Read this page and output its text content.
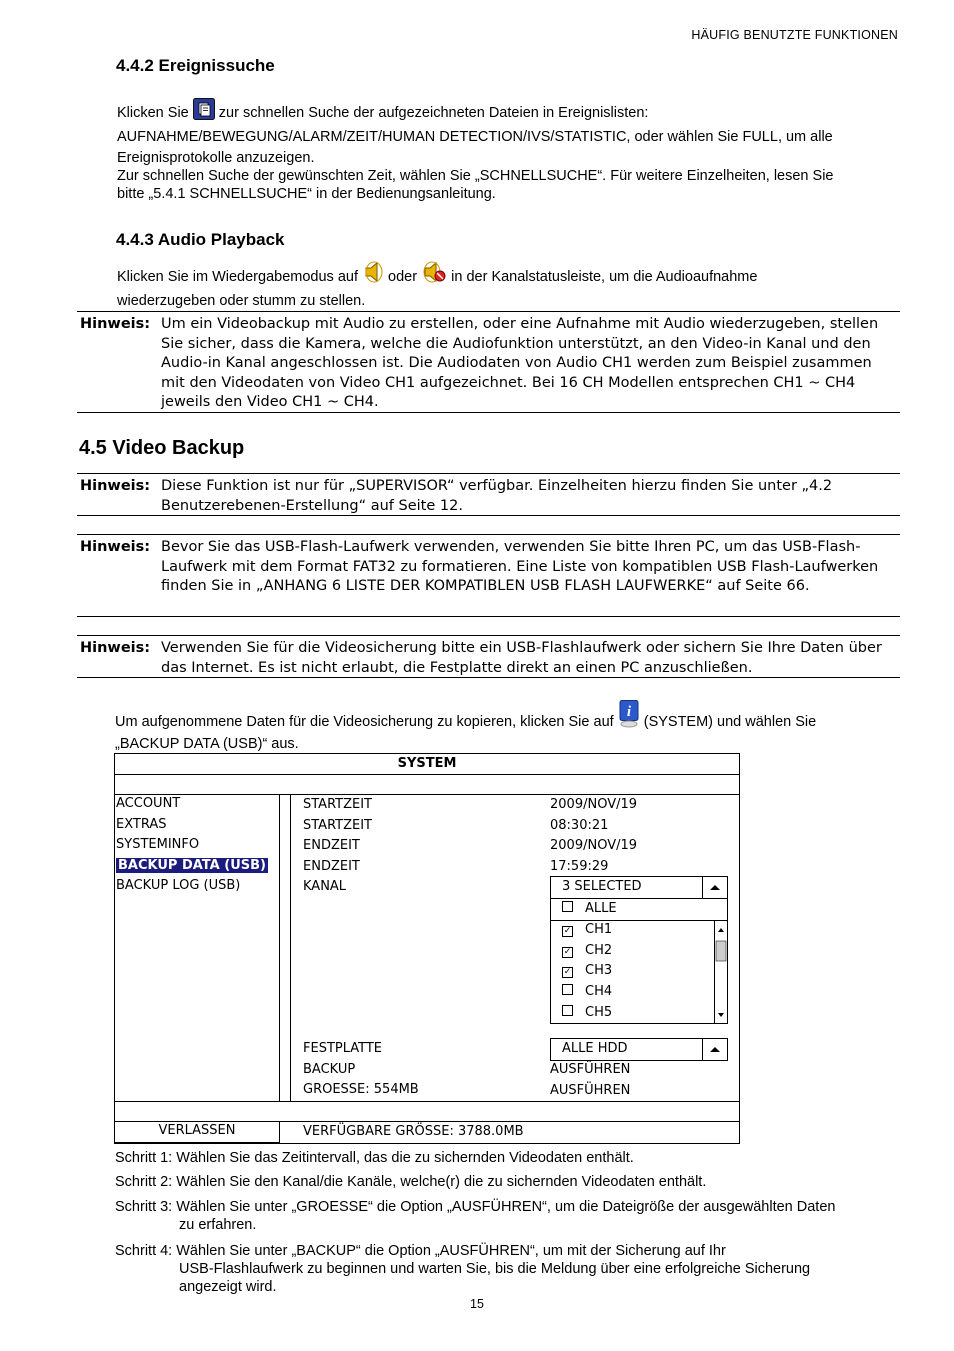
HÄUFIG BENUTZTE FUNKTIONEN
4.4.2 Ereignissuche
Klicken Sie zur schnellen Suche der aufgezeichneten Dateien in Ereignislisten:
AUFNAHME/BEWEGUNG/ALARM/ZEIT/HUMAN DETECTION/IVS/STATISTIC, oder wählen Sie FULL, um alle
Ereignisprotokolle anzuzeigen.
Zur schnellen Suche der gewünschten Zeit, wählen Sie „SCHNELLSUCHE“. Für weitere Einzelheiten, lesen Sie
bitte „5.4.1 SCHNELLSUCHE“ in der Bedienungsanleitung.
4.4.3 Audio Playback
Klicken Sie im Wiedergabemodus auf oder in der Kanalstatusleiste, um die Audioaufnahme
wiederzugeben oder stumm zu stellen.
Hinweis: Um ein Videobackup mit Audio zu erstellen, oder eine Aufnahme mit Audio wiederzugeben, stellen Sie sicher, dass die Kamera, welche die Audiofunktion unterstützt, an den Video-in Kanal und den Audio-in Kanal angeschlossen ist. Die Audiodaten von Audio CH1 werden zum Beispiel zusammen mit den Videodaten von Video CH1 aufgezeichnet. Bei 16 CH Modellen entsprechen CH1 ~ CH4 jeweils den Video CH1 ~ CH4.
4.5 Video Backup
Hinweis: Diese Funktion ist nur für „SUPERVISOR“ verfügbar. Einzelheiten hierzu finden Sie unter „4.2 Benutzerebenen-Erstellung“ auf Seite 12.
Hinweis: Bevor Sie das USB-Flash-Laufwerk verwenden, verwenden Sie bitte Ihren PC, um das USB-Flash-Laufwerk mit dem Format FAT32 zu formatieren. Eine Liste von kompatiblen USB Flash-Laufwerken finden Sie in „ANHANG 6 LISTE DER KOMPATIBLEN USB FLASH LAUFWERKE“ auf Seite 66.
Hinweis: Verwenden Sie für die Videosicherung bitte ein USB-Flashlaufwerk oder sichern Sie Ihre Daten über das Internet. Es ist nicht erlaubt, die Festplatte direkt an einen PC anzuschließen.
Um aufgenommene Daten für die Videosicherung zu kopieren, klicken Sie auf
i
(SYSTEM) und wählen Sie
„BACKUP DATA (USB)“ aus.
SYSTEM
ACCOUNT
EXTRAS
SYSTEMINFO
BACKUP DATA (USB)
BACKUP LOG (USB)
STARTZEIT
STARTZEIT
ENDZEIT
ENDZEIT
KANAL
2009/NOV/19
08:30:21
2009/NOV/19
17:59:29
3 SELECTED
ALLE
✓ CH1
✓ CH2
✓ CH3
CH4
CH5
FESTPLATTE
BACKUP
GROESSE: 554MB
ALLE HDD
AUSFÜHREN
AUSFÜHREN
VERLASSEN	VERFÜGBARE GRÖSSE: 3788.0MB
Schritt 1: Wählen Sie das Zeitintervall, das die zu sichernden Videodaten enthält.
Schritt 2: Wählen Sie den Kanal/die Kanäle, welche(r) die zu sichernden Videodaten enthält.
Schritt 3: Wählen Sie unter „GROESSE“ die Option „AUSFÜHREN“, um die Dateigröße der ausgewählten Daten
zu erfahren.
Schritt 4: Wählen Sie unter „BACKUP“ die Option „AUSFÜHREN“, um mit der Sicherung auf Ihr
USB-Flashlaufwerk zu beginnen und warten Sie, bis die Meldung über eine erfolgreiche Sicherung
angezeigt wird.
15
